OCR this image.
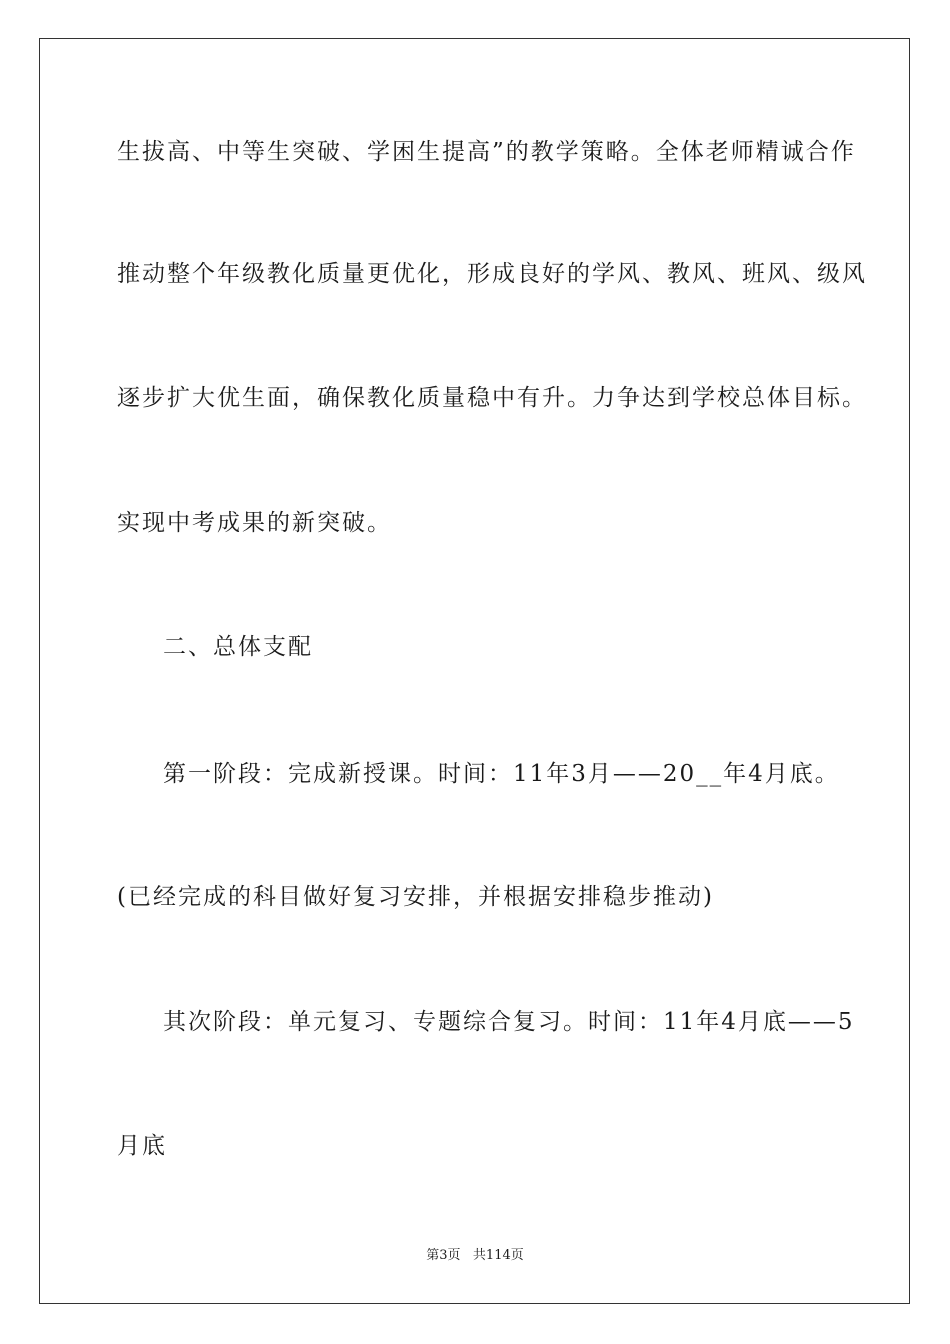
生拔高、中等生突破、学困生提高”的教学策略。全体老师精诚合作
推动整个年级教化质量更优化，形成良好的学风、教风、班风、级风
逐步扩大优生面，确保教化质量稳中有升。力争达到学校总体目标。
实现中考成果的新突破。
二、总体支配
第一阶段：完成新授课。时间：11年3月——20__年4月底。
(已经完成的科目做好复习安排，并根据安排稳步推动)
其次阶段：单元复习、专题综合复习。时间：11年4月底——5
月底
第3页   共114页
